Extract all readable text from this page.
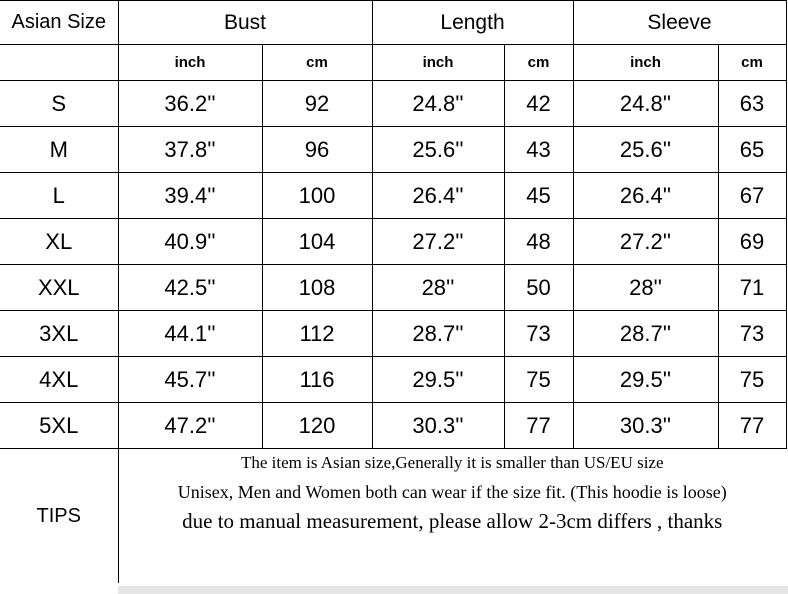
Asian Size	Bust		Length		Sleeve	
	inch	cm	inch	cm	inch	cm
S	36.2''	92	24.8''	42	24.8''	63
M	37.8''	96	25.6''	43	25.6''	65
L	39.4''	100	26.4''	45	26.4''	67
XL	40.9''	104	27.2''	48	27.2''	69
XXL	42.5''	108	28''	50	28''	71
3XL	44.1''	112	28.7''	73	28.7''	73
4XL	45.7''	116	29.5''	75	29.5''	75
5XL	47.2''	120	30.3''	77	30.3''	77
TIPS	The item is Asian size,Generally it is smaller than US/EU size
Unisex, Men and Women both can wear if the size fit. (This hoodie is loose)
due to manual measurement, please allow 2-3cm differs , thanks					
